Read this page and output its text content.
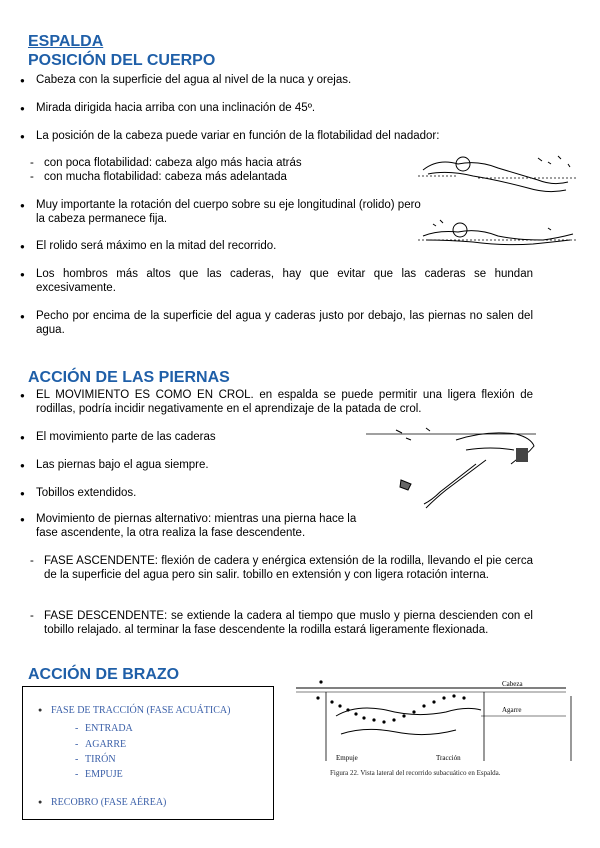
ESPALDA
POSICIÓN DEL CUERPO
● Cabeza con la superficie del agua al nivel de la nuca y orejas.
● Mirada dirigida hacia arriba con una inclinación de 45º.
● La posición de la cabeza puede variar en función de la flotabilidad del nadador:
- con poca flotabilidad: cabeza algo más hacia atrás
- con mucha flotabilidad: cabeza más adelantada
● Muy importante la rotación del cuerpo sobre su eje longitudinal (rolido) pero la cabeza permanece fija.
● El rolido será máximo en la mitad del recorrido.
● Los hombros más altos que las caderas, hay que evitar que las caderas se hundan excesivamente.
● Pecho por encima de la superficie del agua y caderas justo por debajo, las piernas no salen del agua.
ACCIÓN DE LAS PIERNAS
● EL MOVIMIENTO ES COMO EN CROL. en espalda se puede permitir una ligera flexión de rodillas, podría incidir negativamente en el aprendizaje de la patada de crol.
● El movimiento parte de las caderas
● Las piernas bajo el agua siempre.
● Tobillos extendidos.
● Movimiento de piernas alternativo: mientras una pierna hace la fase ascendente, la otra realiza la fase descendente.
- FASE ASCENDENTE: flexión de cadera y enérgica extensión de la rodilla, llevando el pie cerca de la superficie del agua pero sin salir. tobillo en extensión y con ligera rotación interna.
- FASE DESCENDENTE: se extiende la cadera al tiempo que muslo y pierna descienden con el tobillo relajado. al terminar la fase descendente la rodilla estará ligeramente flexionada.
ACCIÓN DE BRAZO
● FASE DE TRACCIÓN (FASE ACUÁTICA)
- ENTRADA
- AGARRE
- TIRÓN
- EMPUJE
● RECOBRO (FASE AÉREA)
Cabeza
Agarre
Empuje	Tracción
Figura 22. Vista lateral del recorrido subacuático en Espalda.
